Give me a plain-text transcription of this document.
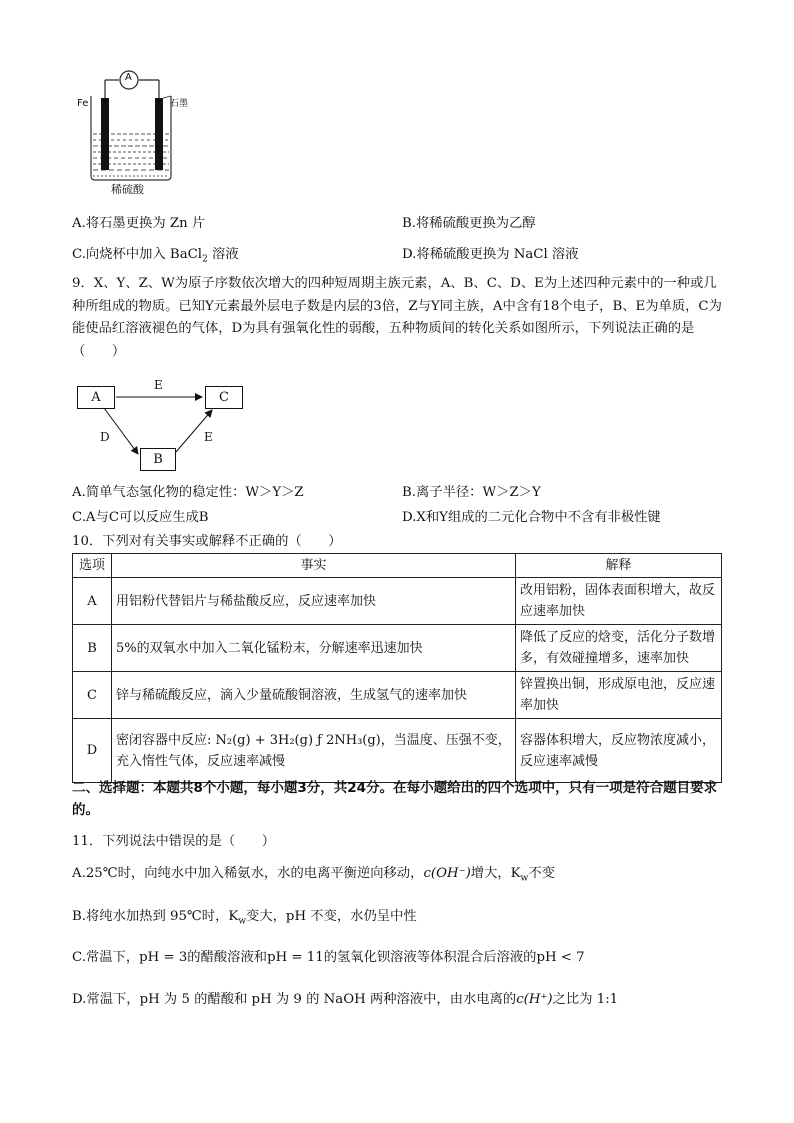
A
Fe	石墨
稀硫酸
A.将石墨更换为 Zn 片	B.将稀硫酸更换为乙醇
C.向烧杯中加入 BaCl$_2$ 溶液	D.将稀硫酸更换为 NaCl 溶液
9．X、Y、Z、W为原子序数依次增大的四种短周期主族元素，A、B、C、D、E为上述四种元素中的一种或几种所组成的物质。已知Y元素最外层电子数是内层的3倍，Z与Y同主族，A中含有18个电子，B、E为单质，C为能使品红溶液褪色的气体，D为具有强氧化性的弱酸，五种物质间的转化关系如图所示，下列说法正确的是（　　）
A	C
B
E
D	E
A.简单气态氢化物的稳定性：W＞Y＞Z	B.离子半径：W＞Z＞Y
C.A与C可以反应生成B	D.X和Y组成的二元化合物中不含有非极性键
10．下列对有关事实或解释不正确的（　　）
选项	事实	解释
A	用铝粉代替铝片与稀盐酸反应，反应速率加快	改用铝粉，固体表面积增大，故反应速率加快
B	5%的双氧水中加入二氧化锰粉末，分解速率迅速加快	降低了反应的焓变，活化分子数增多，有效碰撞增多，速率加快
C	锌与稀硫酸反应，滴入少量硫酸铜溶液，生成氢气的速率加快	锌置换出铜，形成原电池，反应速率加快
D	密闭容器中反应: N₂(g) + 3H₂(g) ƒ 2NH₃(g)，当温度、压强不变，充入惰性气体，反应速率减慢	容器体积增大，反应物浓度减小，反应速率减慢
二、选择题：本题共8个小题，每小题3分，共24分。在每小题给出的四个选项中，只有一项是符合题目要求的。
11．下列说法中错误的是（　　）
A.25℃时，向纯水中加入稀氨水，水的电离平衡逆向移动，c(OH⁻)增大，$K_w$不变
B.将纯水加热到 95℃时，$K_w$变大，pH 不变，水仍呈中性
C.常温下，pH = 3的醋酸溶液和pH = 11的氢氧化钡溶液等体积混合后溶液的pH < 7
D.常温下，pH 为 5 的醋酸和 pH 为 9 的 NaOH 两种溶液中，由水电离的c(H⁺)之比为 1:1
